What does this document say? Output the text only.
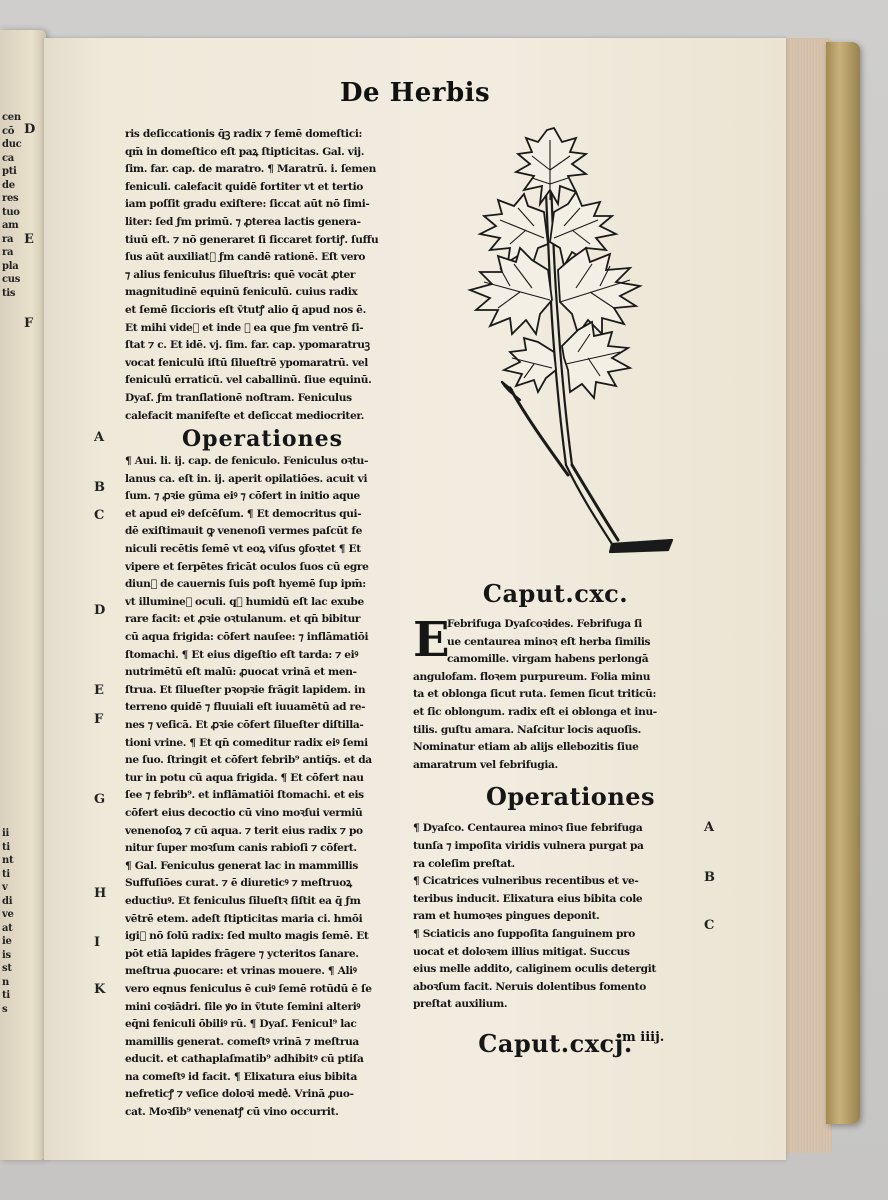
cen
cō
duc
ca
pti
de
res
tuo
am
ra
ra
pla
cus
tis
ii
ti
nt
ti
v
di
ve
at
ie
is
st
n
ti
s
D
E
F
De Herbis
ris deſiccationis q̄ꝫ radix ⁊ ſemē domeſtici:
qm̄ in domeſtico eſt paꝝ ſtipticitas. Gal. vij.
ſim. far. cap. de maratro. ¶ Maratrū. i. ſemen
feniculi. calefacit quidē fortiter vt et tertio
iam poſſit gradu exiſtere: ſiccat aūt nō ſimi-
liter: ſed ƒm primū. ⁊ ꝓterea lactis genera-
tiuū eſt. ⁊ nō generaret ſi ſiccaret fortiꝭ. ſuffu
ſus aūt auxiliatᷣ ƒm candē rationē. Eſt vero
⁊ alius feniculus ſilueſtris: quē vocāt ꝓter
magnitudinē equinū feniculū. cuius radix
et ſemē ſiccioris eſt ṽtutꝭ alio q̄ apud nos ē.
Et mihi videᷣ et inde ꝙ ea que ƒm ventrē ſi-
ſtat ⁊ c. Et idē. vj. ſim. far. cap. ypomaratruꝫ
vocat feniculū iſtū ſilueſtrē ypomaratrū. vel
feniculū erraticū. vel caballinū. ſiue equinū.
Dyaſ. ƒm tranſlationē noſtram. Feniculus
calefacit manifeſte et deſiccat mediocriter.
Operationes
¶ Aui. li. ij. cap. de feniculo. Feniculus oꝛtu-
lanus ca. eſt in. ij. aperit opilatiōes. acuit vi
ſum. ⁊ ꝓꝛie gūma eiꝰ ⁊ cōfert in initio aque
et apud eiꝰ deſcēſum. ¶ Et democritus qui-
dē exiſtimauit ꝙ venenoſi vermes paſcūt fe
niculi recētis ſemē vt eoꝝ viſus ꝯfoꝛtet ¶ Et
vipere et ſerpētes fricāt oculos ſuos cū egre
diunᷣ de cauernis ſuis poſt hyemē ſup ipm̄:
vt illumineᷣ oculi. qꝺ humidū eſt lac exube
rare facit: et ꝓꝛie oꝛtulanum. et qn̄ bibitur
cū aqua frigida: cōfert nauſee: ⁊ inflāmatiōi
ſtomachi. ¶ Et eius digeſtio eſt tarda: ⁊ eiꝰ
nutrimētū eſt malū: ꝓuocat vrinā et men-
ſtrua. Et ſilueſter pꝛopꝛie frāgit lapidem. in
terreno quidē ⁊ fluuiali eſt iuuamētū ad re-
nes ⁊ veſicā. Et ꝓꝛie cōfert ſilueſter diſtilla-
tioni vrine. ¶ Et qn̄ comeditur radix eiꝰ ſemi
ne ſuo. ſtringit et cōfert febrib⁹ antiq̄s. et da
tur in potu cū aqua frigida. ¶ Et cōfert nau
ſee ⁊ febrib⁹. et inflāmatiōi ſtomachi. et eis
cōfert eius decoctio cū vino moꝛſui vermiū
venenoſoꝝ ⁊ cū aqua. ⁊ terit eius radix ⁊ po
nitur ſuper moꝛſum canis rabioſi ⁊ cōfert.
¶ Gal. Feniculus generat lac in mammillis
Suffuſiōes curat. ⁊ ē diureticꝰ ⁊ meſtruoꝝ
eductiuꝰ. Et feniculus ſilueſtꝛ ſiſtit ea q̄ ƒm
vētrē etem. adeſt ſtipticitas maria ci. hmōi
igiᷣ nō ſolū radix: ſed multo magis ſemē. Et
pōt etiā lapides frāgere ⁊ ycteritos ſanare.
meſtrua ꝓuocare: et vrinas mouere. ¶ Aliꝰ
vero eqnus feniculus ē cuiꝰ ſemē rotūdū ē ſe
mini coꝛiādri. ſile ꝟo in ṽtute ſemini alteriꝰ
eq̄ni feniculi ōbiliꝰ rū. ¶ Dyaſ. Fenicul⁹ lac
mamillis generat. comeſtꝰ vrinā ⁊ meſtrua
educit. et cathaplaſmatib⁹ adhibitꝰ cū ptiſa
na comeſtꝰ id facit. ¶ Elixatura eius bibita
nefreticꝭ ⁊ veſice doloꝛi medeᷣ. Vrinā ꝓuo-
cat. Moꝛſib⁹ venenatꝭ cū vino occurrit.
A
B
C
D
E
F
G
H
I
K
Caput.cxc.
E
Febrifuga Dyaſcoꝛides. Febrifuga ſi
ue centaurea minoꝛ eſt herba ſimilis
camomille. virgam habens perlongā
angulofam. floꝛem purpureum. Folia minu
ta et oblonga ſicut ruta. ſemen ſicut triticū:
et ſic oblongum. radix eſt ei oblonga et inu-
tilis. guſtu amara. Naſcitur locis aquoſis.
Nominatur etiam ab alijs ellebozitis ſiue
amaratrum vel febrifugia.
Operationes
¶ Dyaſco. Centaurea minoꝛ ſiue febrifuga
tunſa ⁊ impoſita viridis vulnera purgat pa
ra coleſim preſtat.
¶ Cicatrices vulneribus recentibus et ve-
teribus inducit. Elixatura eius bibita cole
ram et humoꝛes pingues deponit.
¶ Sciaticis ano ſuppoſita ſanguinem pro
uocat et doloꝛem illius mitigat. Succus
eius melle addito, caliginem oculis detergit
aboꝛſum facit. Neruis dolentibus fomento
preſtat auxilium.
Caput.cxcj.
A
B
C
m iiij.
